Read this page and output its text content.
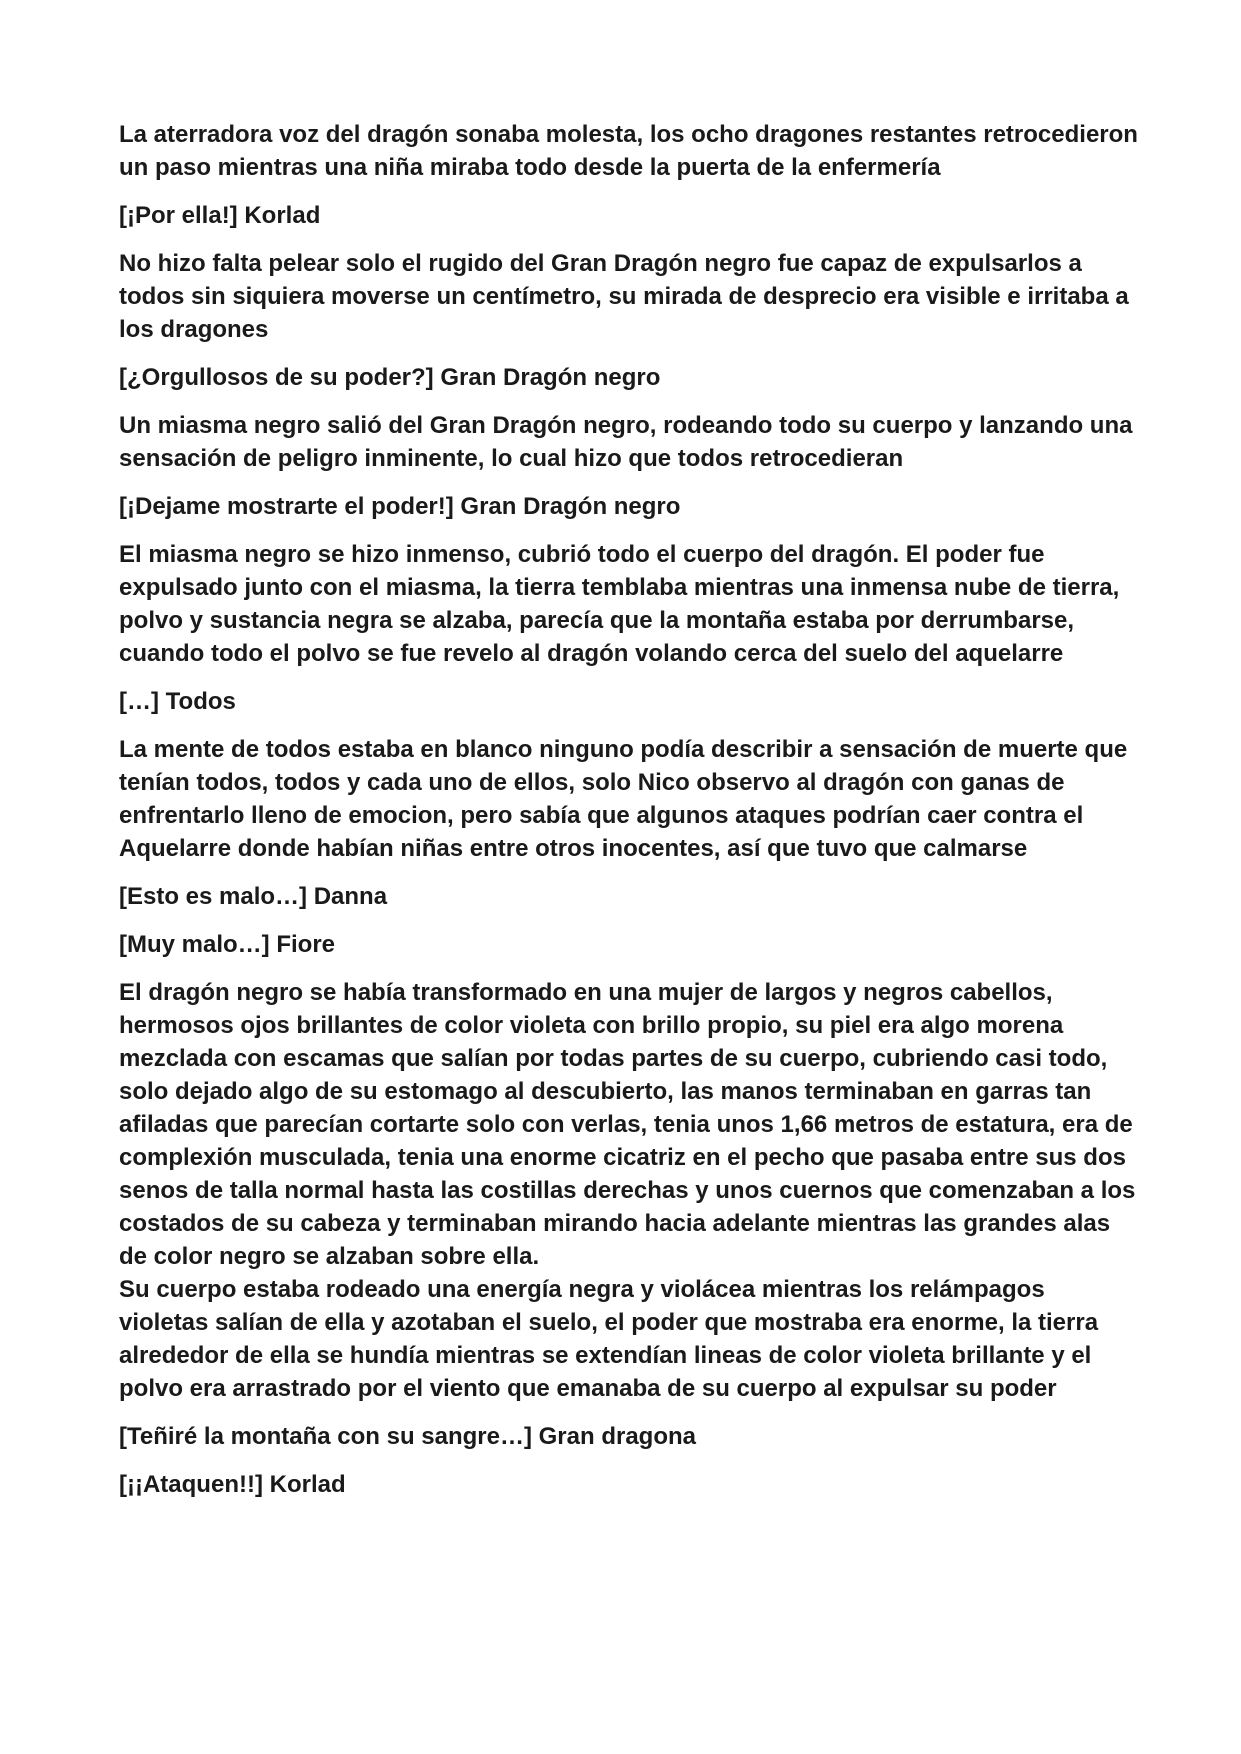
La aterradora voz del dragón sonaba molesta, los ocho dragones restantes retrocedieron un paso mientras una niña miraba todo desde la puerta de la enfermería

[¡Por ella!] Korlad

No hizo falta pelear solo el rugido del Gran Dragón negro fue capaz de expulsarlos a todos sin siquiera moverse un centímetro, su mirada de desprecio era visible e irritaba a los dragones

[¿Orgullosos de su poder?] Gran Dragón negro

Un miasma negro salió del Gran Dragón negro, rodeando todo su cuerpo y lanzando una sensación de peligro inminente, lo cual hizo que todos retrocedieran

[¡Dejame mostrarte el poder!] Gran Dragón negro

El miasma negro se hizo inmenso, cubrió todo el cuerpo del dragón. El poder fue expulsado junto con el miasma, la tierra temblaba mientras una inmensa nube de tierra, polvo y sustancia negra se alzaba, parecía que la montaña estaba por derrumbarse, cuando todo el polvo se fue revelo al dragón volando cerca del suelo del aquelarre

[…] Todos

La mente de todos estaba en blanco ninguno podía describir a sensación de muerte que tenían todos, todos y cada uno de ellos, solo Nico observo al dragón con ganas de enfrentarlo lleno de emocion, pero sabía que algunos ataques podrían caer contra el Aquelarre donde habían niñas entre otros inocentes, así que tuvo que calmarse

[Esto es malo…] Danna

[Muy malo…] Fiore

El dragón negro se había transformado en una mujer de largos y negros cabellos, hermosos ojos brillantes de color violeta con brillo propio, su piel era algo morena mezclada con escamas que salían por todas partes de su cuerpo, cubriendo casi todo, solo dejado algo de su estomago al descubierto, las manos terminaban en garras tan afiladas que parecían cortarte solo con verlas, tenia unos 1,66 metros de estatura, era de complexión musculada, tenia una enorme cicatriz en el pecho que pasaba entre sus dos senos de talla normal hasta las costillas derechas y unos cuernos que comenzaban a los costados de su cabeza y terminaban mirando hacia adelante mientras las grandes alas de color negro se alzaban sobre ella.
Su cuerpo estaba rodeado una energía negra y violácea mientras los relámpagos violetas salían de ella y azotaban el suelo, el poder que mostraba era enorme, la tierra alrededor de ella se hundía mientras se extendían lineas de color violeta brillante y el polvo era arrastrado por el viento que emanaba de su cuerpo al expulsar su poder

[Teñiré la montaña con su sangre…] Gran dragona

[¡¡Ataquen!!] Korlad
